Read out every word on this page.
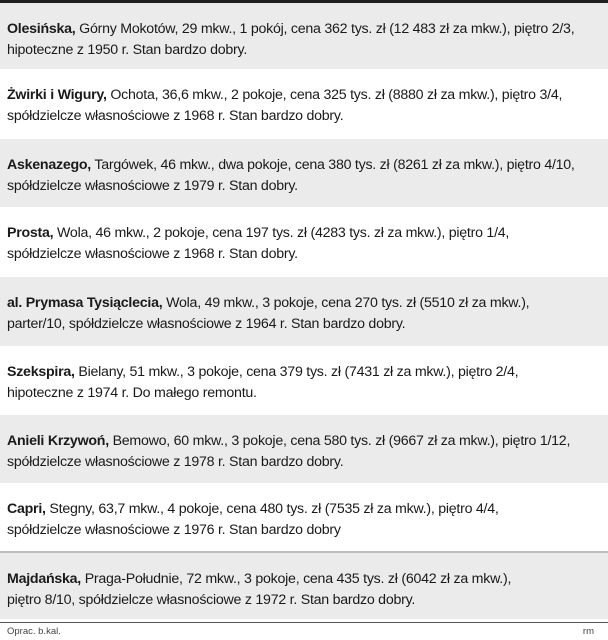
Olesińska, Górny Mokotów, 29 mkw., 1 pokój, cena 362 tys. zł (12 483 zł za mkw.), piętro 2/3,
hipoteczne z 1950 r. Stan bardzo dobry.
Żwirki i Wigury, Ochota, 36,6 mkw., 2 pokoje, cena 325 tys. zł (8880 zł za mkw.), piętro 3/4,
spółdzielcze własnościowe z 1968 r. Stan bardzo dobry.
Askenazego, Targówek, 46 mkw., dwa pokoje, cena 380 tys. zł (8261 zł za mkw.), piętro 4/10,
spółdzielcze własnościowe z 1979 r. Stan dobry.
Prosta, Wola, 46 mkw., 2 pokoje, cena 197 tys. zł (4283 tys. zł za mkw.), piętro 1/4,
spółdzielcze własnościowe z 1968 r. Stan dobry.
al. Prymasa Tysiąclecia, Wola, 49 mkw., 3 pokoje, cena 270 tys. zł (5510 zł za mkw.),
parter/10, spółdzielcze własnościowe z 1964 r. Stan bardzo dobry.
Szekspira, Bielany, 51 mkw., 3 pokoje, cena 379 tys. zł (7431 zł za mkw.), piętro 2/4,
hipoteczne z 1974 r. Do małego remontu.
Anieli Krzywoń, Bemowo, 60 mkw., 3 pokoje, cena 580 tys. zł (9667 zł za mkw.), piętro 1/12,
spółdzielcze własnościowe z 1978 r. Stan bardzo dobry.
Capri, Stegny, 63,7 mkw., 4 pokoje, cena 480 tys. zł (7535 zł za mkw.), piętro 4/4,
spółdzielcze własnościowe z 1976 r. Stan bardzo dobry
Majdańska, Praga-Południe, 72 mkw., 3 pokoje, cena 435 tys. zł (6042 zł za mkw.),
piętro 8/10, spółdzielcze własnościowe z 1972 r. Stan bardzo dobry.
Oprac. b.kal.	rm
